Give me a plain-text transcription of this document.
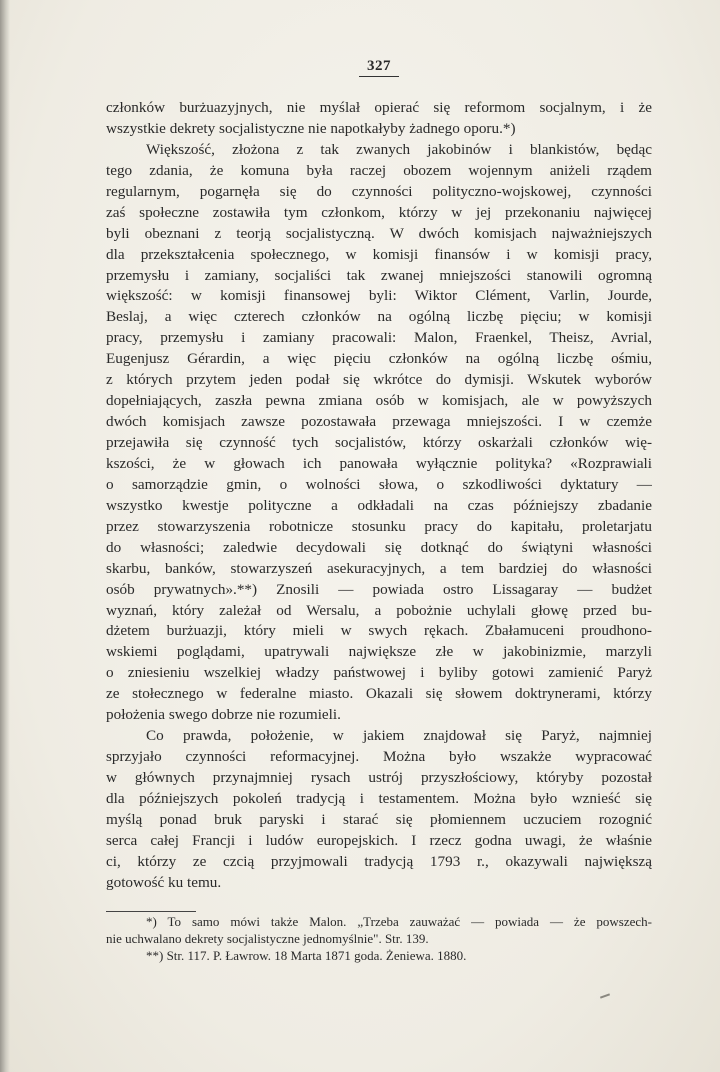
327
członków burżuazyjnych, nie myślał opierać się reformom socjalnym, i że
wszystkie dekrety socjalistyczne nie napotkałyby żadnego oporu.*)
Większość, złożona z tak zwanych jakobinów i blankistów, będąc
tego zdania, że komuna była raczej obozem wojennym aniżeli rządem
regularnym, pogarnęła się do czynności polityczno-wojskowej, czynności
zaś społeczne zostawiła tym członkom, którzy w jej przekonaniu najwięcej
byli obeznani z teorją socjalistyczną. W dwóch komisjach najważniejszych
dla przekształcenia społecznego, w komisji finansów i w komisji pracy,
przemysłu i zamiany, socjaliści tak zwanej mniejszości stanowili ogromną
większość: w komisji finansowej byli: Wiktor Clément, Varlin, Jourde,
Beslaj, a więc czterech członków na ogólną liczbę pięciu; w komisji
pracy, przemysłu i zamiany pracowali: Malon, Fraenkel, Theisz, Avrial,
Eugenjusz Gérardin, a więc pięciu członków na ogólną liczbę ośmiu,
z których przytem jeden podał się wkrótce do dymisji. Wskutek wyborów
dopełniających, zaszła pewna zmiana osób w komisjach, ale w powyższych
dwóch komisjach zawsze pozostawała przewaga mniejszości. I w czemże
przejawiła się czynność tych socjalistów, którzy oskarżali członków wię-
kszości, że w głowach ich panowała wyłącznie polityka? «Rozprawiali
o samorządzie gmin, o wolności słowa, o szkodliwości dyktatury —
wszystko kwestje polityczne a odkładali na czas późniejszy zbadanie
przez stowarzyszenia robotnicze stosunku pracy do kapitału, proletarjatu
do własności; zaledwie decydowali się dotknąć do świątyni własności
skarbu, banków, stowarzyszeń asekuracyjnych, a tem bardziej do własności
osób prywatnych».**) Znosili — powiada ostro Lissagaray — budżet
wyznań, który zależał od Wersalu, a pobożnie uchylali głowę przed bu-
dżetem burżuazji, który mieli w swych rękach. Zbałamuceni proudhono-
wskiemi poglądami, upatrywali największe złe w jakobinizmie, marzyli
o zniesieniu wszelkiej władzy państwowej i byliby gotowi zamienić Paryż
ze stołecznego w federalne miasto. Okazali się słowem doktrynerami, którzy
położenia swego dobrze nie rozumieli.
Co prawda, położenie, w jakiem znajdował się Paryż, najmniej
sprzyjało czynności reformacyjnej. Można było wszakże wypracować
w głównych przynajmniej rysach ustrój przyszłościowy, któryby pozostał
dla późniejszych pokoleń tradycją i testamentem. Można było wznieść się
myślą ponad bruk paryski i starać się płomiennem uczuciem rozognić
serca całej Francji i ludów europejskich. I rzecz godna uwagi, że właśnie
ci, którzy ze czcią przyjmowali tradycją 1793 r., okazywali największą
gotowość ku temu.
*) To samo mówi także Malon. „Trzeba zauważać — powiada — że powszech-
nie uchwalano dekrety socjalistyczne jednomyślnie". Str. 139.
**) Str. 117. P. Ławrow. 18 Marta 1871 goda. Żeniewa. 1880.
